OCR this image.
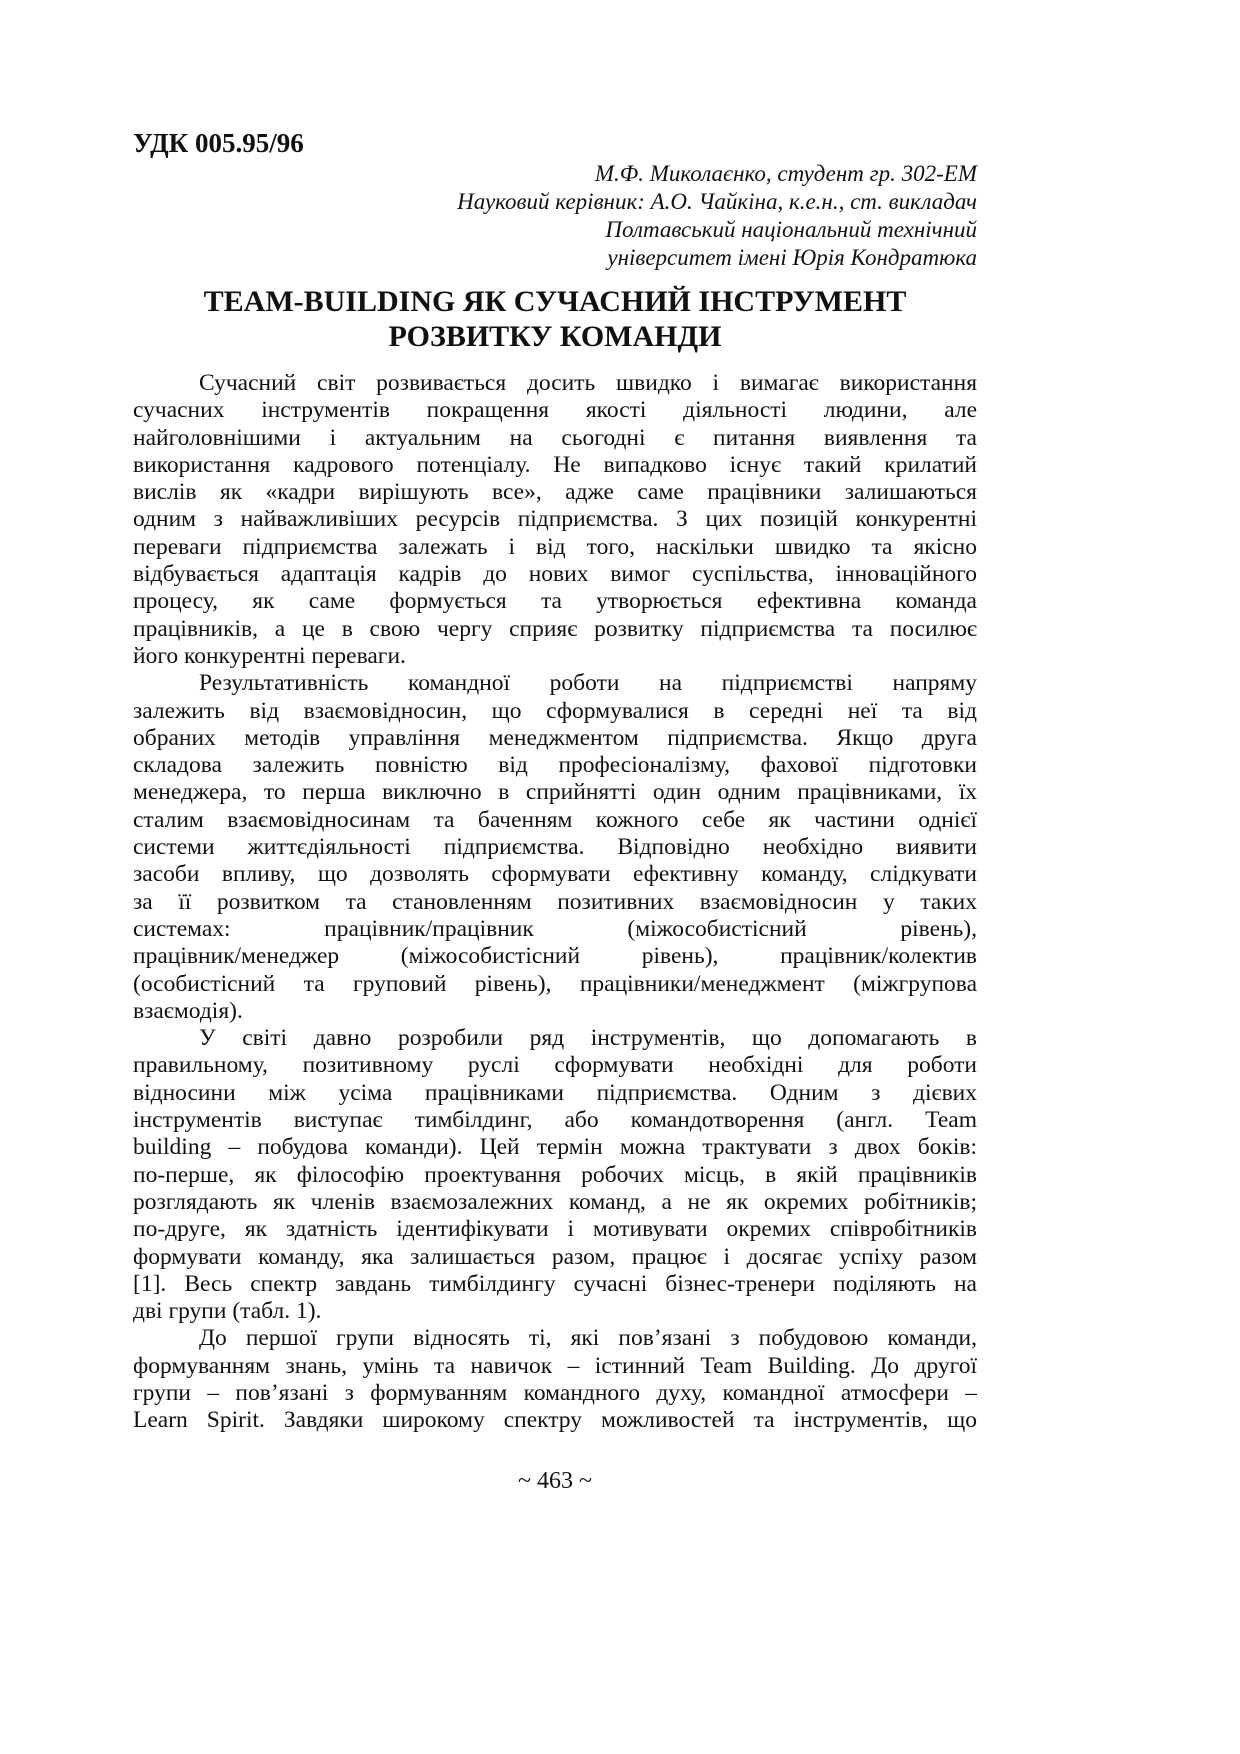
УДК 005.95/96
М.Ф. Миколаєнко, студент гр. 302-ЕМ
Науковий керівник: А.О. Чайкіна, к.е.н., ст. викладач
Полтавський національний технічний
університет імені Юрія Кондратюка
TEAM-BUILDING ЯК СУЧАСНИЙ ІНСТРУМЕНТ
РОЗВИТКУ КОМАНДИ
Сучасний світ розвивається досить швидко і вимагає використання
сучасних інструментів покращення якості діяльності людини, але
найголовнішими і актуальним на сьогодні є питання виявлення та
використання кадрового потенціалу. Не випадково існує такий крилатий
вислів як «кадри вирішують все», адже саме працівники залишаються
одним з найважливіших ресурсів підприємства. З цих позицій конкурентні
переваги підприємства залежать і від того, наскільки швидко та якісно
відбувається адаптація кадрів до нових вимог суспільства, інноваційного
процесу, як саме формується та утворюється ефективна команда
працівників, а це в свою чергу сприяє розвитку підприємства та посилює
його конкурентні переваги.
Результативність командної роботи на підприємстві напряму
залежить від взаємовідносин, що сформувалися в середні неї та від
обраних методів управління менеджментом підприємства. Якщо друга
складова залежить повністю від професіоналізму, фахової підготовки
менеджера, то перша виключно в сприйнятті один одним працівниками, їх
сталим взаємовідносинам та баченням кожного себе як частини однієї
системи життєдіяльності підприємства. Відповідно необхідно виявити
засоби впливу, що дозволять сформувати ефективну команду, слідкувати
за її розвитком та становленням позитивних взаємовідносин у таких
системах: працівник/працівник (міжособистісний рівень),
працівник/менеджер (міжособистісний рівень), працівник/колектив
(особистісний та груповий рівень), працівники/менеджмент (міжгрупова
взаємодія).
У світі давно розробили ряд інструментів, що допомагають в
правильному, позитивному руслі сформувати необхідні для роботи
відносини між усіма працівниками підприємства. Одним з дієвих
інструментів виступає тимбілдинг, або командотворення (англ. Team
building – побудова команди). Цей термін можна трактувати з двох боків:
по-перше, як філософію проектування робочих місць, в якій працівників
розглядають як членів взаємозалежних команд, а не як окремих робітників;
по-друге, як здатність ідентифікувати і мотивувати окремих співробітників
формувати команду, яка залишається разом, працює і досягає успіху разом
[1]. Весь спектр завдань тимбілдингу сучасні бізнес-тренери поділяють на
дві групи (табл. 1).
До першої групи відносять ті, які пов’язані з побудовою команди,
формуванням знань, умінь та навичок – істинний Team Building. До другої
групи – пов’язані з формуванням командного духу, командної атмосфери –
Learn Spirit. Завдяки широкому спектру можливостей та інструментів, що
~ 463 ~
